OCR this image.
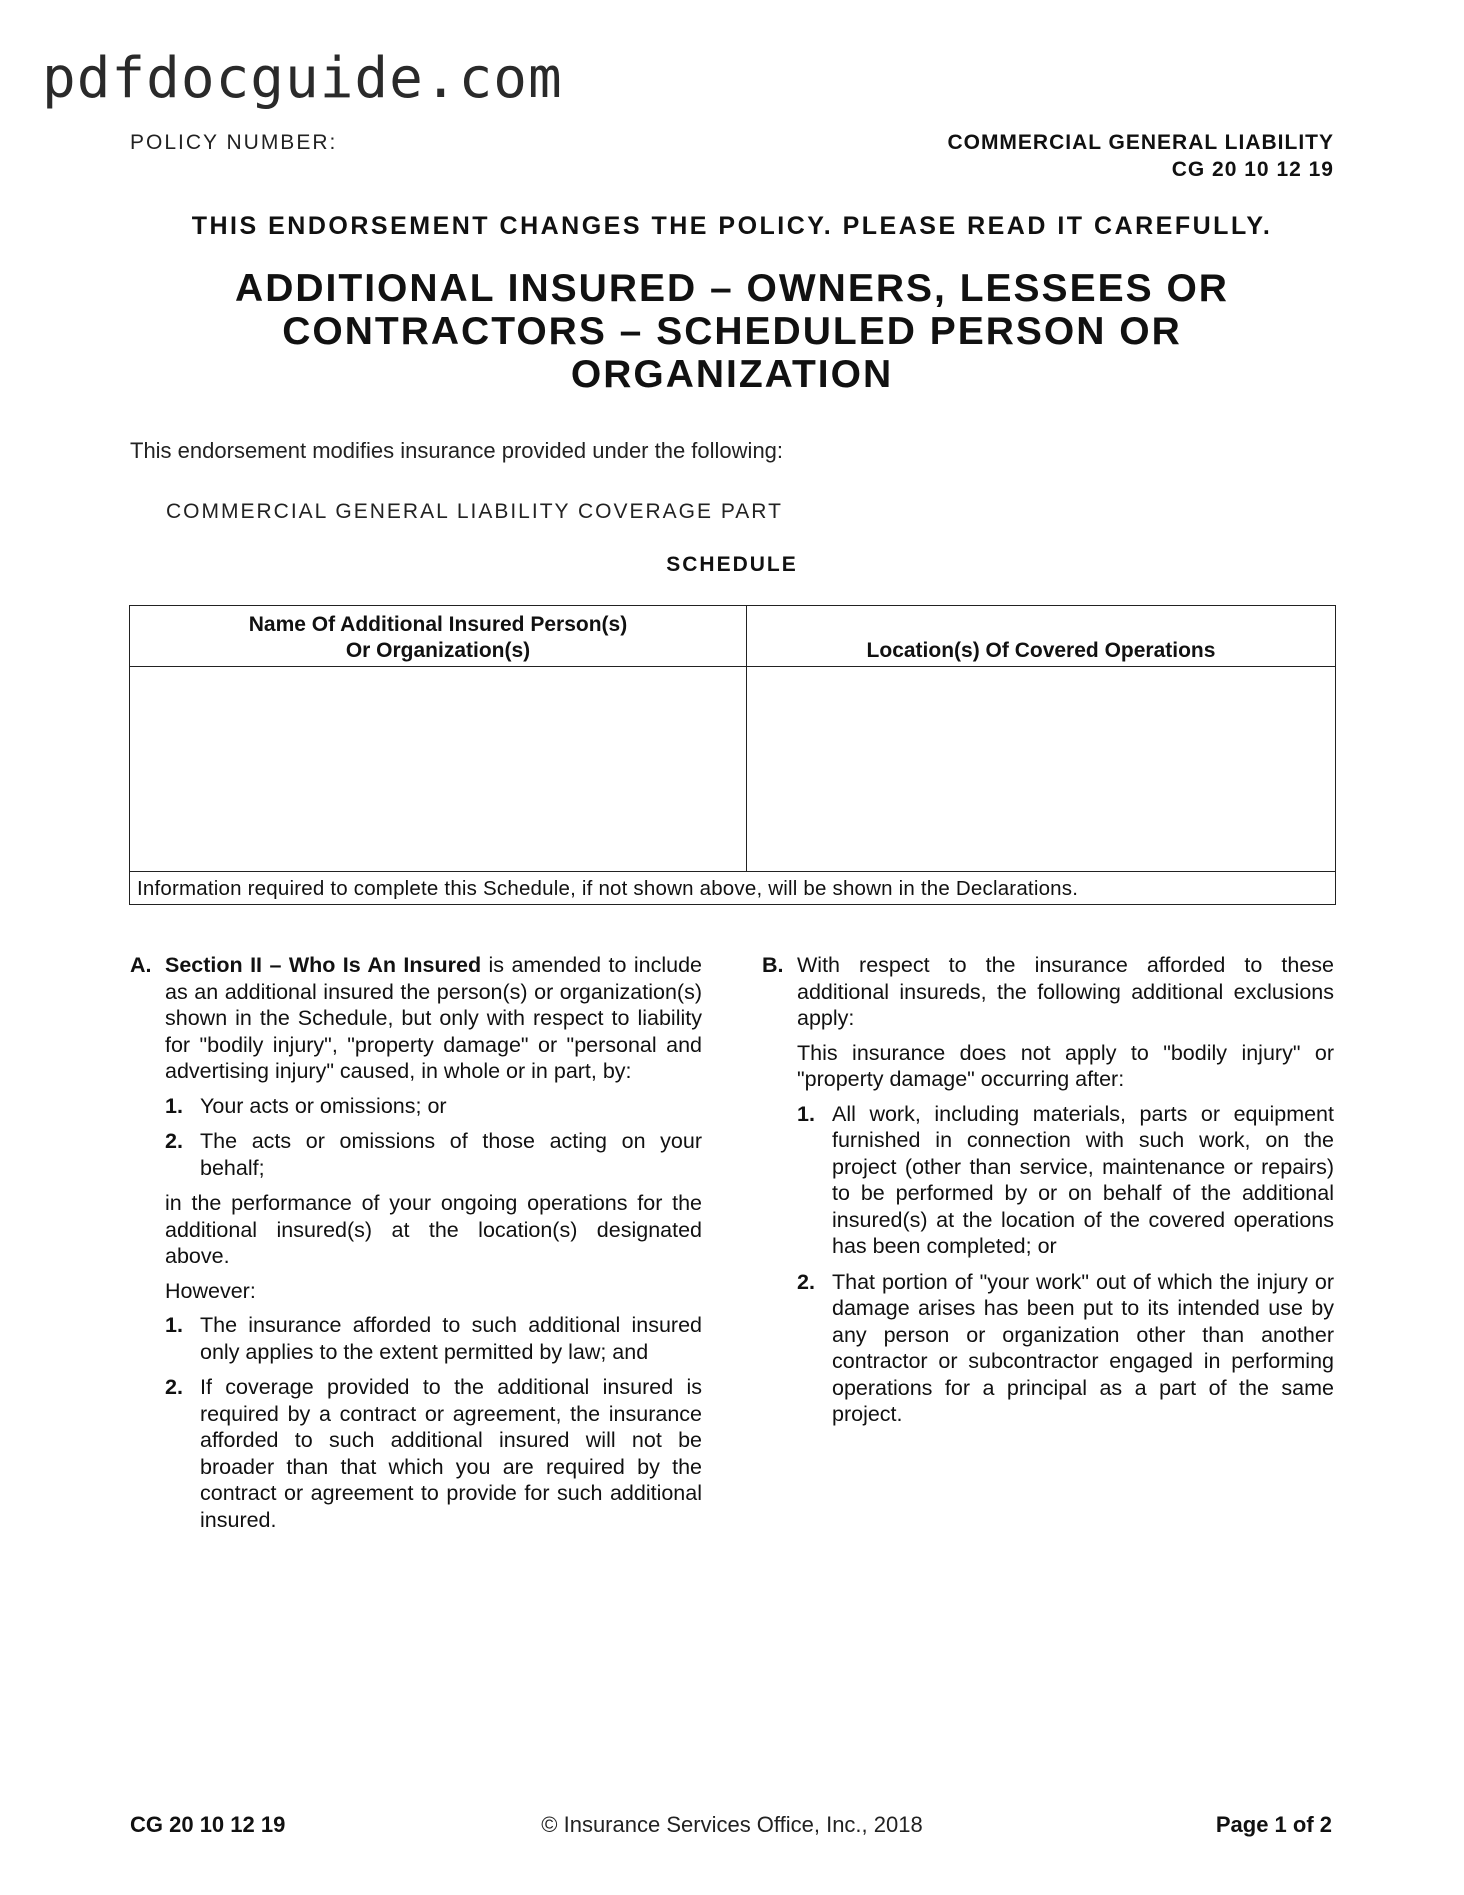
pdfdocguide.com
POLICY NUMBER:	COMMERCIAL GENERAL LIABILITY
CG 20 10 12 19
THIS ENDORSEMENT CHANGES THE POLICY. PLEASE READ IT CAREFULLY.
ADDITIONAL INSURED – OWNERS, LESSEES OR
CONTRACTORS – SCHEDULED PERSON OR
ORGANIZATION
This endorsement modifies insurance provided under the following:
COMMERCIAL GENERAL LIABILITY COVERAGE PART
SCHEDULE
Name Of Additional Insured Person(s)
Or Organization(s)	Location(s) Of Covered Operations
Information required to complete this Schedule, if not shown above, will be shown in the Declarations.
A. Section II – Who Is An Insured is amended to include as an additional insured the person(s) or organization(s) shown in the Schedule, but only with respect to liability for "bodily injury", "property damage" or "personal and advertising injury" caused, in whole or in part, by:
1. Your acts or omissions; or
2. The acts or omissions of those acting on your behalf;
in the performance of your ongoing operations for the additional insured(s) at the location(s) designated above.
However:
1. The insurance afforded to such additional insured only applies to the extent permitted by law; and
2. If coverage provided to the additional insured is required by a contract or agreement, the insurance afforded to such additional insured will not be broader than that which you are required by the contract or agreement to provide for such additional insured.
B. With respect to the insurance afforded to these additional insureds, the following additional exclusions apply:
This insurance does not apply to "bodily injury" or "property damage" occurring after:
1. All work, including materials, parts or equipment furnished in connection with such work, on the project (other than service, maintenance or repairs) to be performed by or on behalf of the additional insured(s) at the location of the covered operations has been completed; or
2. That portion of "your work" out of which the injury or damage arises has been put to its intended use by any person or organization other than another contractor or subcontractor engaged in performing operations for a principal as a part of the same project.
CG 20 10 12 19	© Insurance Services Office, Inc., 2018	Page 1 of 2
